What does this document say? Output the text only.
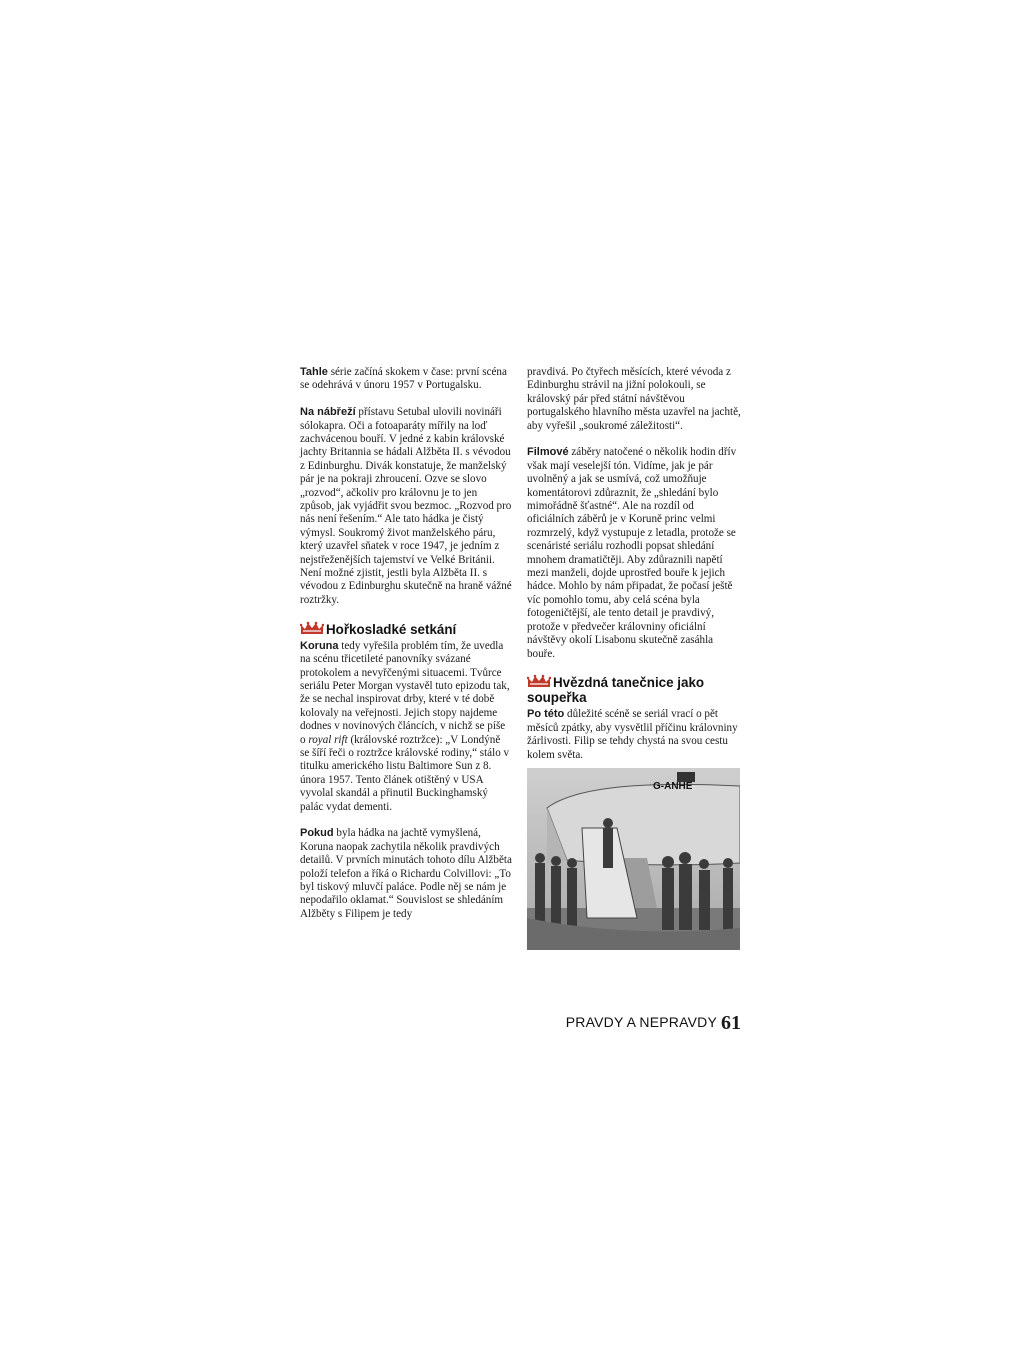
Tahle série začíná skokem v čase: první scéna se odehrává v únoru 1957 v Portugalsku.

Na nábřeží přístavu Setubal ulovili novináři sólokapra. Oči a fotoaparáty mířily na loď zachvácenou bouří. V jedné z kabin královské jachty Britannia se hádali Alžběta II. s vévodou z Edinburghu. Divák konstatuje, že manželský pár je na pokraji zhroucení. Ozve se slovo „rozvod“, ačkoliv pro královnu je to jen způsob, jak vyjádřit svou bezmoc. „Rozvod pro nás není řešením.“ Ale tato hádka je čistý výmysl. Soukromý život manželského páru, který uzavřel sňatek v roce 1947, je jedním z nejstřeženějších tajemství ve Velké Británii. Není možné zjistit, jestli byla Alžběta II. s vévodou z Edinburghu skutečně na hraně vážné roztržky.

Hořkosladké setkání

Koruna tedy vyřešila problém tím, že uvedla na scénu třicetileté panovníky svázané protokolem a nevyřčenými situacemi. Tvůrce seriálu Peter Morgan vystavěl tuto epizodu tak, že se nechal inspirovat drby, které v té době kolovaly na veřejnosti. Jejich stopy najdeme dodnes v novinových článcích, v nichž se píše o royal rift (královské roztržce): „V Londýně se šíří řeči o roztržce královské rodiny,“ stálo v titulku amerického listu Baltimore Sun z 8. února 1957. Tento článek otištěný v USA vyvolal skandál a přinutil Buckinghamský palác vydat dementi.

Pokud byla hádka na jachtě vymyšlená, Koruna naopak zachytila několik pravdivých detailů. V prvních minutách tohoto dílu Alžběta položí telefon a říká o Richardu Colvillovi: „To byl tiskový mluvčí paláce. Podle něj se nám je nepodařilo oklamat.“ Souvislost se shledáním Alžběty s Filipem je tedy

pravdivá. Po čtyřech měsících, které vévoda z Edinburghu strávil na jižní polokouli, se královský pár před státní návštěvou portugalského hlavního města uzavřel na jachtě, aby vyřešil „soukromé záležitosti“.

Filmové záběry natočené o několik hodin dřív však mají veselejší tón. Vidíme, jak je pár uvolněný a jak se usmívá, což umožňuje komentátorovi zdůraznit, že „shledání bylo mimořádně šťastné“. Ale na rozdíl od oficiálních záběrů je v Koruně princ velmi rozmrzelý, když vystupuje z letadla, protože se scenáristé seriálu rozhodli popsat shledání mnohem dramatičtěji. Aby zdůraznili napětí mezi manželi, dojde uprostřed bouře k jejich hádce. Mohlo by nám připadat, že počasí ještě víc pomohlo tomu, aby celá scéna byla fotogeničtější, ale tento detail je pravdivý, protože v předvečer královniny oficiální návštěvy okolí Lisabonu skutečně zasáhla bouře.

Hvězdná tanečnice jako soupeřka

Po této důležité scéně se seriál vrací o pět měsíců zpátky, aby vysvětlil příčinu královniny žárlivosti. Filip se tehdy chystá na svou cestu kolem světa.

G-ANHE
PRAVDY A NEPRAVDY 61
